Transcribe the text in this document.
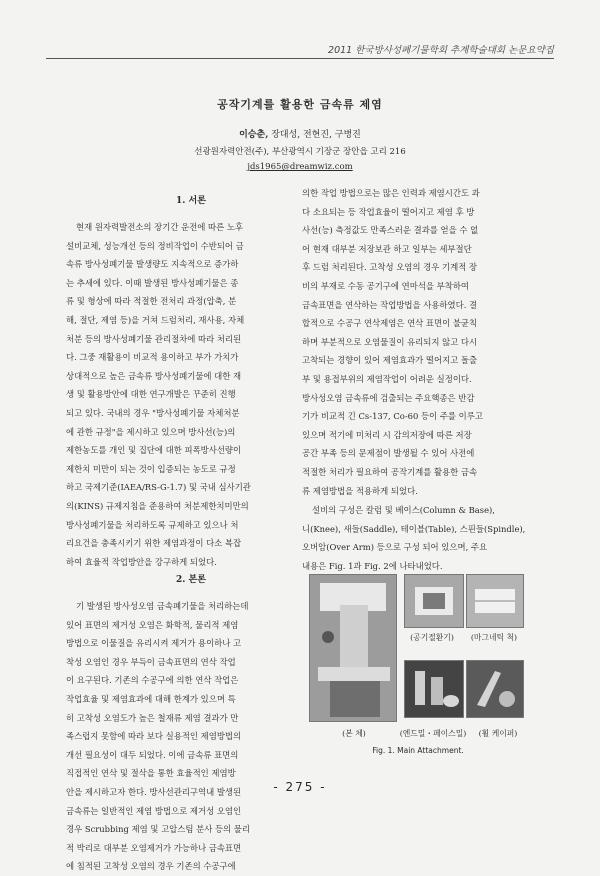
2011 한국방사성폐기물학회 추계학술대회 논문요약집
공작기계를 활용한 금속류 제염
이승춘, 장대성, 전현진, 구병진
선광원자력안전(주), 부산광역시 기장군 장안읍 고리 216
jds1965@dreamwiz.com
1. 서론
현재 원자력발전소의 장기간 운전에 따른 노후
설비교체, 성능개선 등의 정비작업이 수반되어 금
속류 방사성폐기물 발생량도 지속적으로 증가하
는 추세에 있다. 이때 발생된 방사성폐기물은 종
류 및 형상에 따라 적절한 전처리 과정(압축, 분
해, 절단, 제염 등)을 거쳐 드럼처리, 재사용, 자체
처분 등의 방사성폐기물 관리절차에 따라 처리된
다. 그중 재활용이 비교적 용이하고 부가 가치가
상대적으로 높은 금속류 방사성폐기물에 대한 재
생 및 활용방안에 대한 연구개발은 꾸준히 진행
되고 있다. 국내의 경우 "방사성폐기물 자체처분
에 관한 규정"을 제시하고 있으며 방사선(능)의
제한농도를 개인 및 집단에 대한 피폭방사선량이
제한치 미만이 되는 것이 입증되는 농도로 규정
하고 국제기준(IAEA/RS-G-1.7) 및 국내 심사기관
의(KINS) 규제지침을 준용하여 처분제한치미만의
방사성폐기물을 처리하도록 규제하고 있으나 처
리요건을 충족시키기 위한 제염과정이 다소 복잡
하여 효율적 작업방안을 강구하게 되었다.
2. 본론
기 발생된 방사성오염 금속폐기물을 처리하는데
있어 표면의 제거성 오염은 화학적, 물리적 제염
방법으로 이물질을 유리시켜 제거가 용이하나 고
착성 오염인 경우 부득이 금속표면의 연삭 작업
이 요구된다. 기존의 수공구에 의한 연삭 작업은
작업효율 및 제염효과에 대해 한계가 있으며 특
히 고착성 오염도가 높은 철재류 제염 결과가 만
족스럽지 못함에 따라 보다 실용적인 제염방법의
개선 필요성이 대두 되었다. 이에 금속류 표면의
직접적인 연삭 및 절삭을 통한 효율적인 제염방
안을 제시하고자 한다. 방사선관리구역내 발생된
금속류는 일반적인 제염 방법으로 제거성 오염인
경우 Scrubbing 제염 및 고압스팀 분사 등의 물리
적 박리로 대부분 오염제거가 가능하나 금속표면
에 침적된 고착성 오염의 경우 기존의 수공구에
의한 작업 방법으로는 많은 인력과 제염시간도 과
다 소요되는 등 작업효율이 떨어지고 제염 후 방
사선(능) 측정값도 만족스러운 결과를 얻을 수 없
어 현재 대부분 저장보관 하고 일부는 세부절단
후 드럼 처리된다. 고착성 오염의 경우 기계적 장
비의 부재로 수동 공기구에 연마석을 부착하여
금속표면을 연삭하는 작업방법을 사용하였다. 결
합적으로 수공구 연삭제염은 연삭 표면이 불균칙
하며 부분적으로 오염물질이 유리되지 않고 다시
고착되는 경향이 있어 제염효과가 떨어지고 돌출
부 및 용접부위의 제염작업이 어려운 실정이다.
방사성오염 금속류에 검출되는 주요핵종은 반감
기가 비교적 긴 Cs-137, Co-60 등이 주를 이루고
있으며 적기에 미처리 시 감의저장에 따른 저장
공간 부족 등의 문제점이 발생될 수 있어 사전에
적절한 처리가 필요하여 공작기계를 활용한 금속
류 제염방법을 적용하게 되었다.
설비의 구성은 칼럼 및 베이스(Column & Base),
니(Knee), 새들(Saddle), 테이블(Table), 스핀들(Spindle),
오버암(Over Arm) 등으로 구성 되어 있으며, 주요
내용은 Fig. 1과 Fig. 2에 나타내었다.
(공기절환기)	(마그네틱 척)
(본 체)	(엔드밀・페이스밀)	(휠 케이퍼)
Fig. 1. Main Attachment.
- 275 -
